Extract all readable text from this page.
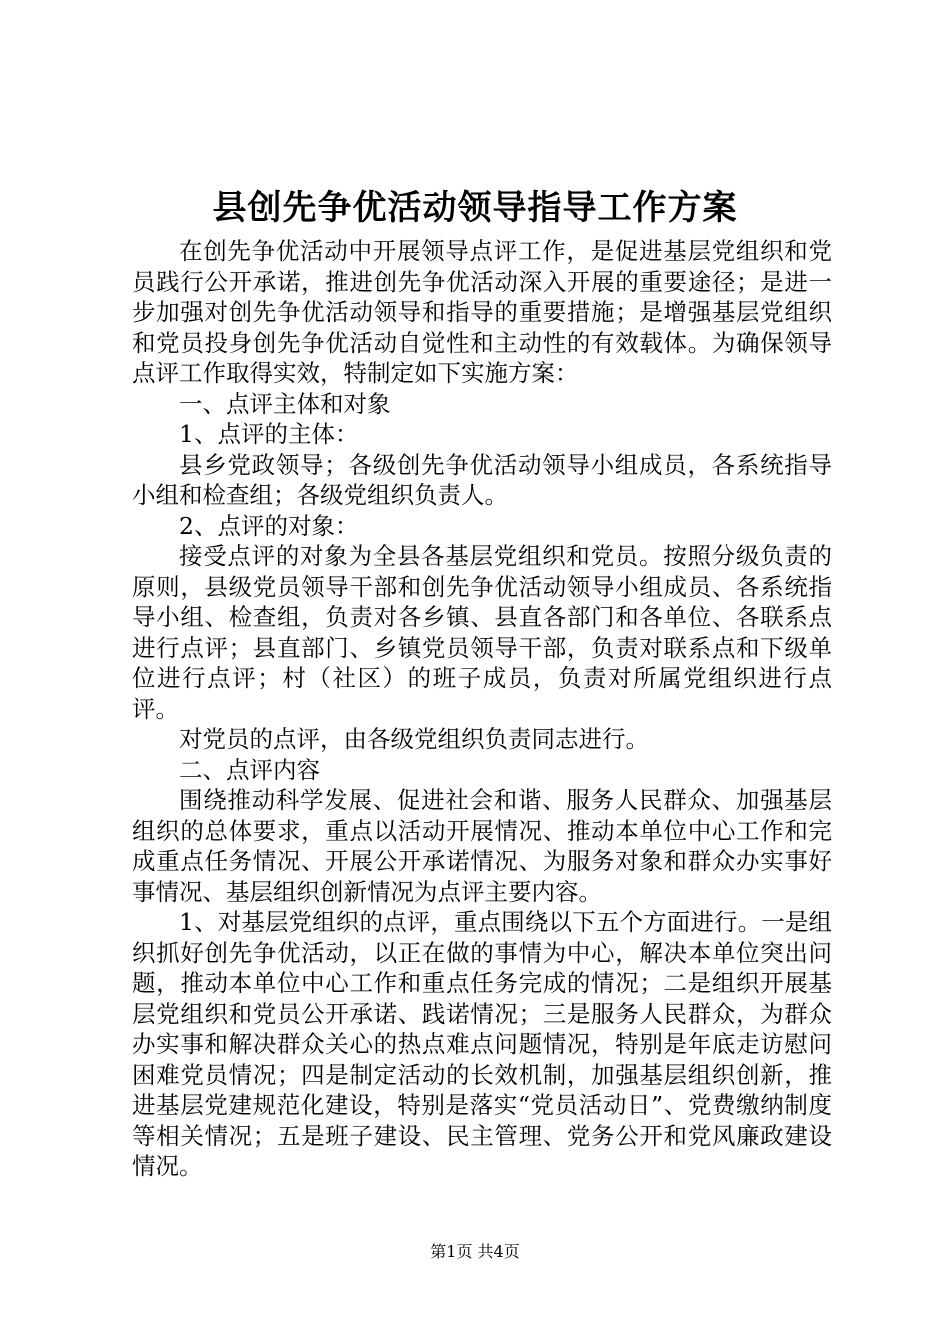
县创先争优活动领导指导工作方案

在创先争优活动中开展领导点评工作，是促进基层党组织和党员践行公开承诺，推进创先争优活动深入开展的重要途径；是进一步加强对创先争优活动领导和指导的重要措施；是增强基层党组织和党员投身创先争优活动自觉性和主动性的有效载体。为确保领导点评工作取得实效，特制定如下实施方案：

一、点评主体和对象

1、点评的主体：

县乡党政领导；各级创先争优活动领导小组成员，各系统指导小组和检查组；各级党组织负责人。

2、点评的对象：

接受点评的对象为全县各基层党组织和党员。按照分级负责的原则，县级党员领导干部和创先争优活动领导小组成员、各系统指导小组、检查组，负责对各乡镇、县直各部门和各单位、各联系点进行点评；县直部门、乡镇党员领导干部，负责对联系点和下级单位进行点评；村（社区）的班子成员，负责对所属党组织进行点评。

对党员的点评，由各级党组织负责同志进行。

二、点评内容

围绕推动科学发展、促进社会和谐、服务人民群众、加强基层组织的总体要求，重点以活动开展情况、推动本单位中心工作和完成重点任务情况、开展公开承诺情况、为服务对象和群众办实事好事情况、基层组织创新情况为点评主要内容。

1、对基层党组织的点评，重点围绕以下五个方面进行。一是组织抓好创先争优活动，以正在做的事情为中心，解决本单位突出问题，推动本单位中心工作和重点任务完成的情况；二是组织开展基层党组织和党员公开承诺、践诺情况；三是服务人民群众，为群众办实事和解决群众关心的热点难点问题情况，特别是年底走访慰问困难党员情况；四是制定活动的长效机制，加强基层组织创新，推进基层党建规范化建设，特别是落实“党员活动日”、党费缴纳制度等相关情况；五是班子建设、民主管理、党务公开和党风廉政建设情况。

第1页 共4页
